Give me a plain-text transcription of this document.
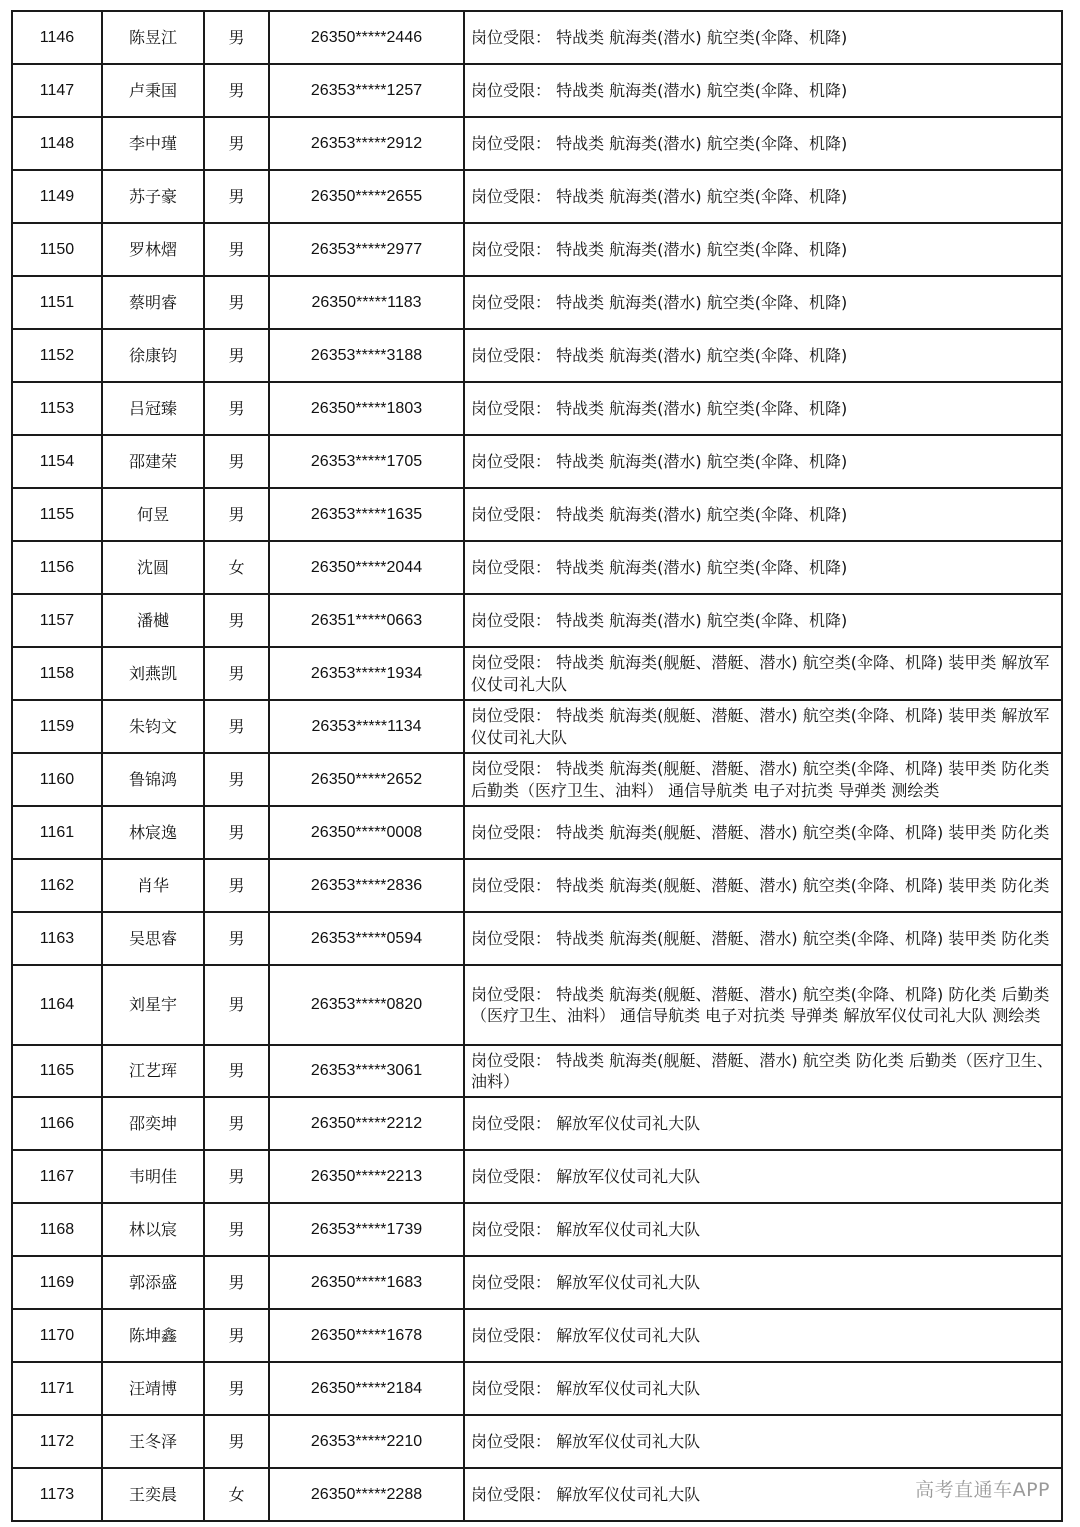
1146	陈昱江	男	26350*****2446	岗位受限： 特战类 航海类(潜水) 航空类(伞降、机降)
1147	卢秉国	男	26353*****1257	岗位受限： 特战类 航海类(潜水) 航空类(伞降、机降)
1148	李中瑾	男	26353*****2912	岗位受限： 特战类 航海类(潜水) 航空类(伞降、机降)
1149	苏子豪	男	26350*****2655	岗位受限： 特战类 航海类(潜水) 航空类(伞降、机降)
1150	罗林熠	男	26353*****2977	岗位受限： 特战类 航海类(潜水) 航空类(伞降、机降)
1151	蔡明睿	男	26350*****1183	岗位受限： 特战类 航海类(潜水) 航空类(伞降、机降)
1152	徐康钧	男	26353*****3188	岗位受限： 特战类 航海类(潜水) 航空类(伞降、机降)
1153	吕冠臻	男	26350*****1803	岗位受限： 特战类 航海类(潜水) 航空类(伞降、机降)
1154	邵建荣	男	26353*****1705	岗位受限： 特战类 航海类(潜水) 航空类(伞降、机降)
1155	何昱	男	26353*****1635	岗位受限： 特战类 航海类(潜水) 航空类(伞降、机降)
1156	沈圆	女	26350*****2044	岗位受限： 特战类 航海类(潜水) 航空类(伞降、机降)
1157	潘樾	男	26351*****0663	岗位受限： 特战类 航海类(潜水) 航空类(伞降、机降)
1158	刘燕凯	男	26353*****1934	岗位受限： 特战类 航海类(舰艇、潜艇、潜水) 航空类(伞降、机降) 装甲类 解放军仪仗司礼大队
1159	朱钧文	男	26353*****1134	岗位受限： 特战类 航海类(舰艇、潜艇、潜水) 航空类(伞降、机降) 装甲类 解放军仪仗司礼大队
1160	鲁锦鸿	男	26350*****2652	岗位受限： 特战类 航海类(舰艇、潜艇、潜水) 航空类(伞降、机降) 装甲类 防化类 后勤类（医疗卫生、油料） 通信导航类 电子对抗类 导弹类 测绘类
1161	林宸逸	男	26350*****0008	岗位受限： 特战类 航海类(舰艇、潜艇、潜水) 航空类(伞降、机降) 装甲类 防化类
1162	肖华	男	26353*****2836	岗位受限： 特战类 航海类(舰艇、潜艇、潜水) 航空类(伞降、机降) 装甲类 防化类
1163	吴思睿	男	26353*****0594	岗位受限： 特战类 航海类(舰艇、潜艇、潜水) 航空类(伞降、机降) 装甲类 防化类
1164	刘星宇	男	26353*****0820	岗位受限： 特战类 航海类(舰艇、潜艇、潜水) 航空类(伞降、机降) 防化类 后勤类（医疗卫生、油料） 通信导航类 电子对抗类 导弹类 解放军仪仗司礼大队 测绘类
1165	江艺珲	男	26353*****3061	岗位受限： 特战类 航海类(舰艇、潜艇、潜水) 航空类 防化类 后勤类（医疗卫生、油料）
1166	邵奕坤	男	26350*****2212	岗位受限： 解放军仪仗司礼大队
1167	韦明佳	男	26350*****2213	岗位受限： 解放军仪仗司礼大队
1168	林以宸	男	26353*****1739	岗位受限： 解放军仪仗司礼大队
1169	郭添盛	男	26350*****1683	岗位受限： 解放军仪仗司礼大队
1170	陈坤鑫	男	26350*****1678	岗位受限： 解放军仪仗司礼大队
1171	汪靖博	男	26350*****2184	岗位受限： 解放军仪仗司礼大队
1172	王冬泽	男	26353*****2210	岗位受限： 解放军仪仗司礼大队
1173	王奕晨	女	26350*****2288	岗位受限： 解放军仪仗司礼大队	高考直通车APP
